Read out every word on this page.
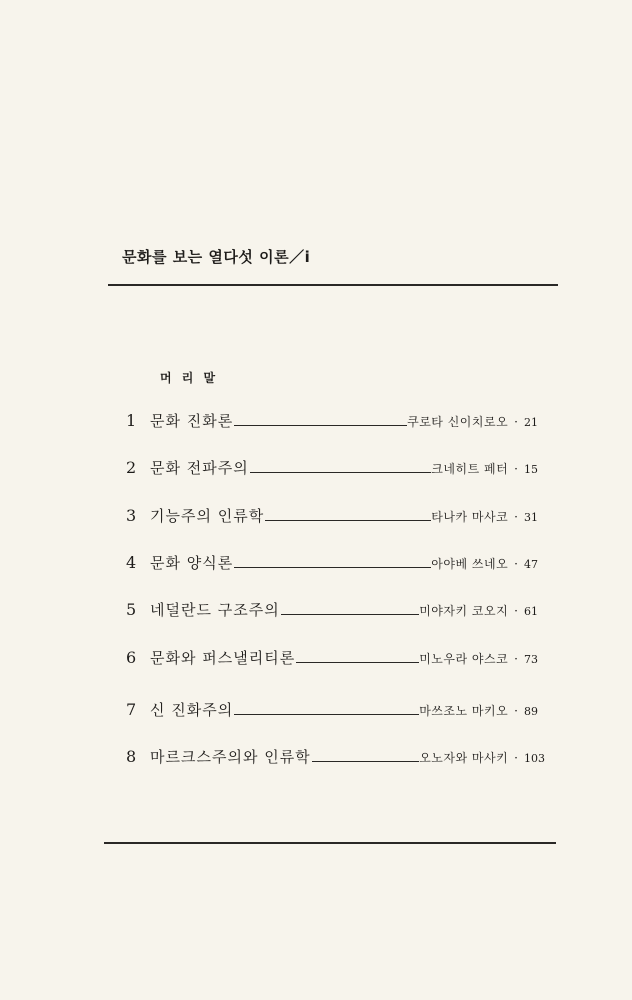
문화를 보는 열다섯 이론／i
머 리 말
1 문화 진화론	쿠로타 신이치로오 · 21
2 문화 전파주의	크네히트 페터 · 15
3 기능주의 인류학	타나카 마사코 · 31
4 문화 양식론	아야베 쓰네오 · 47
5 네덜란드 구조주의	미야자키 코오지 · 61
6 문화와 퍼스낼리티론	미노우라 야스코 · 73
7 신 진화주의	마쓰조노 마키오 · 89
8 마르크스주의와 인류학	오노자와 마사키 · 103
